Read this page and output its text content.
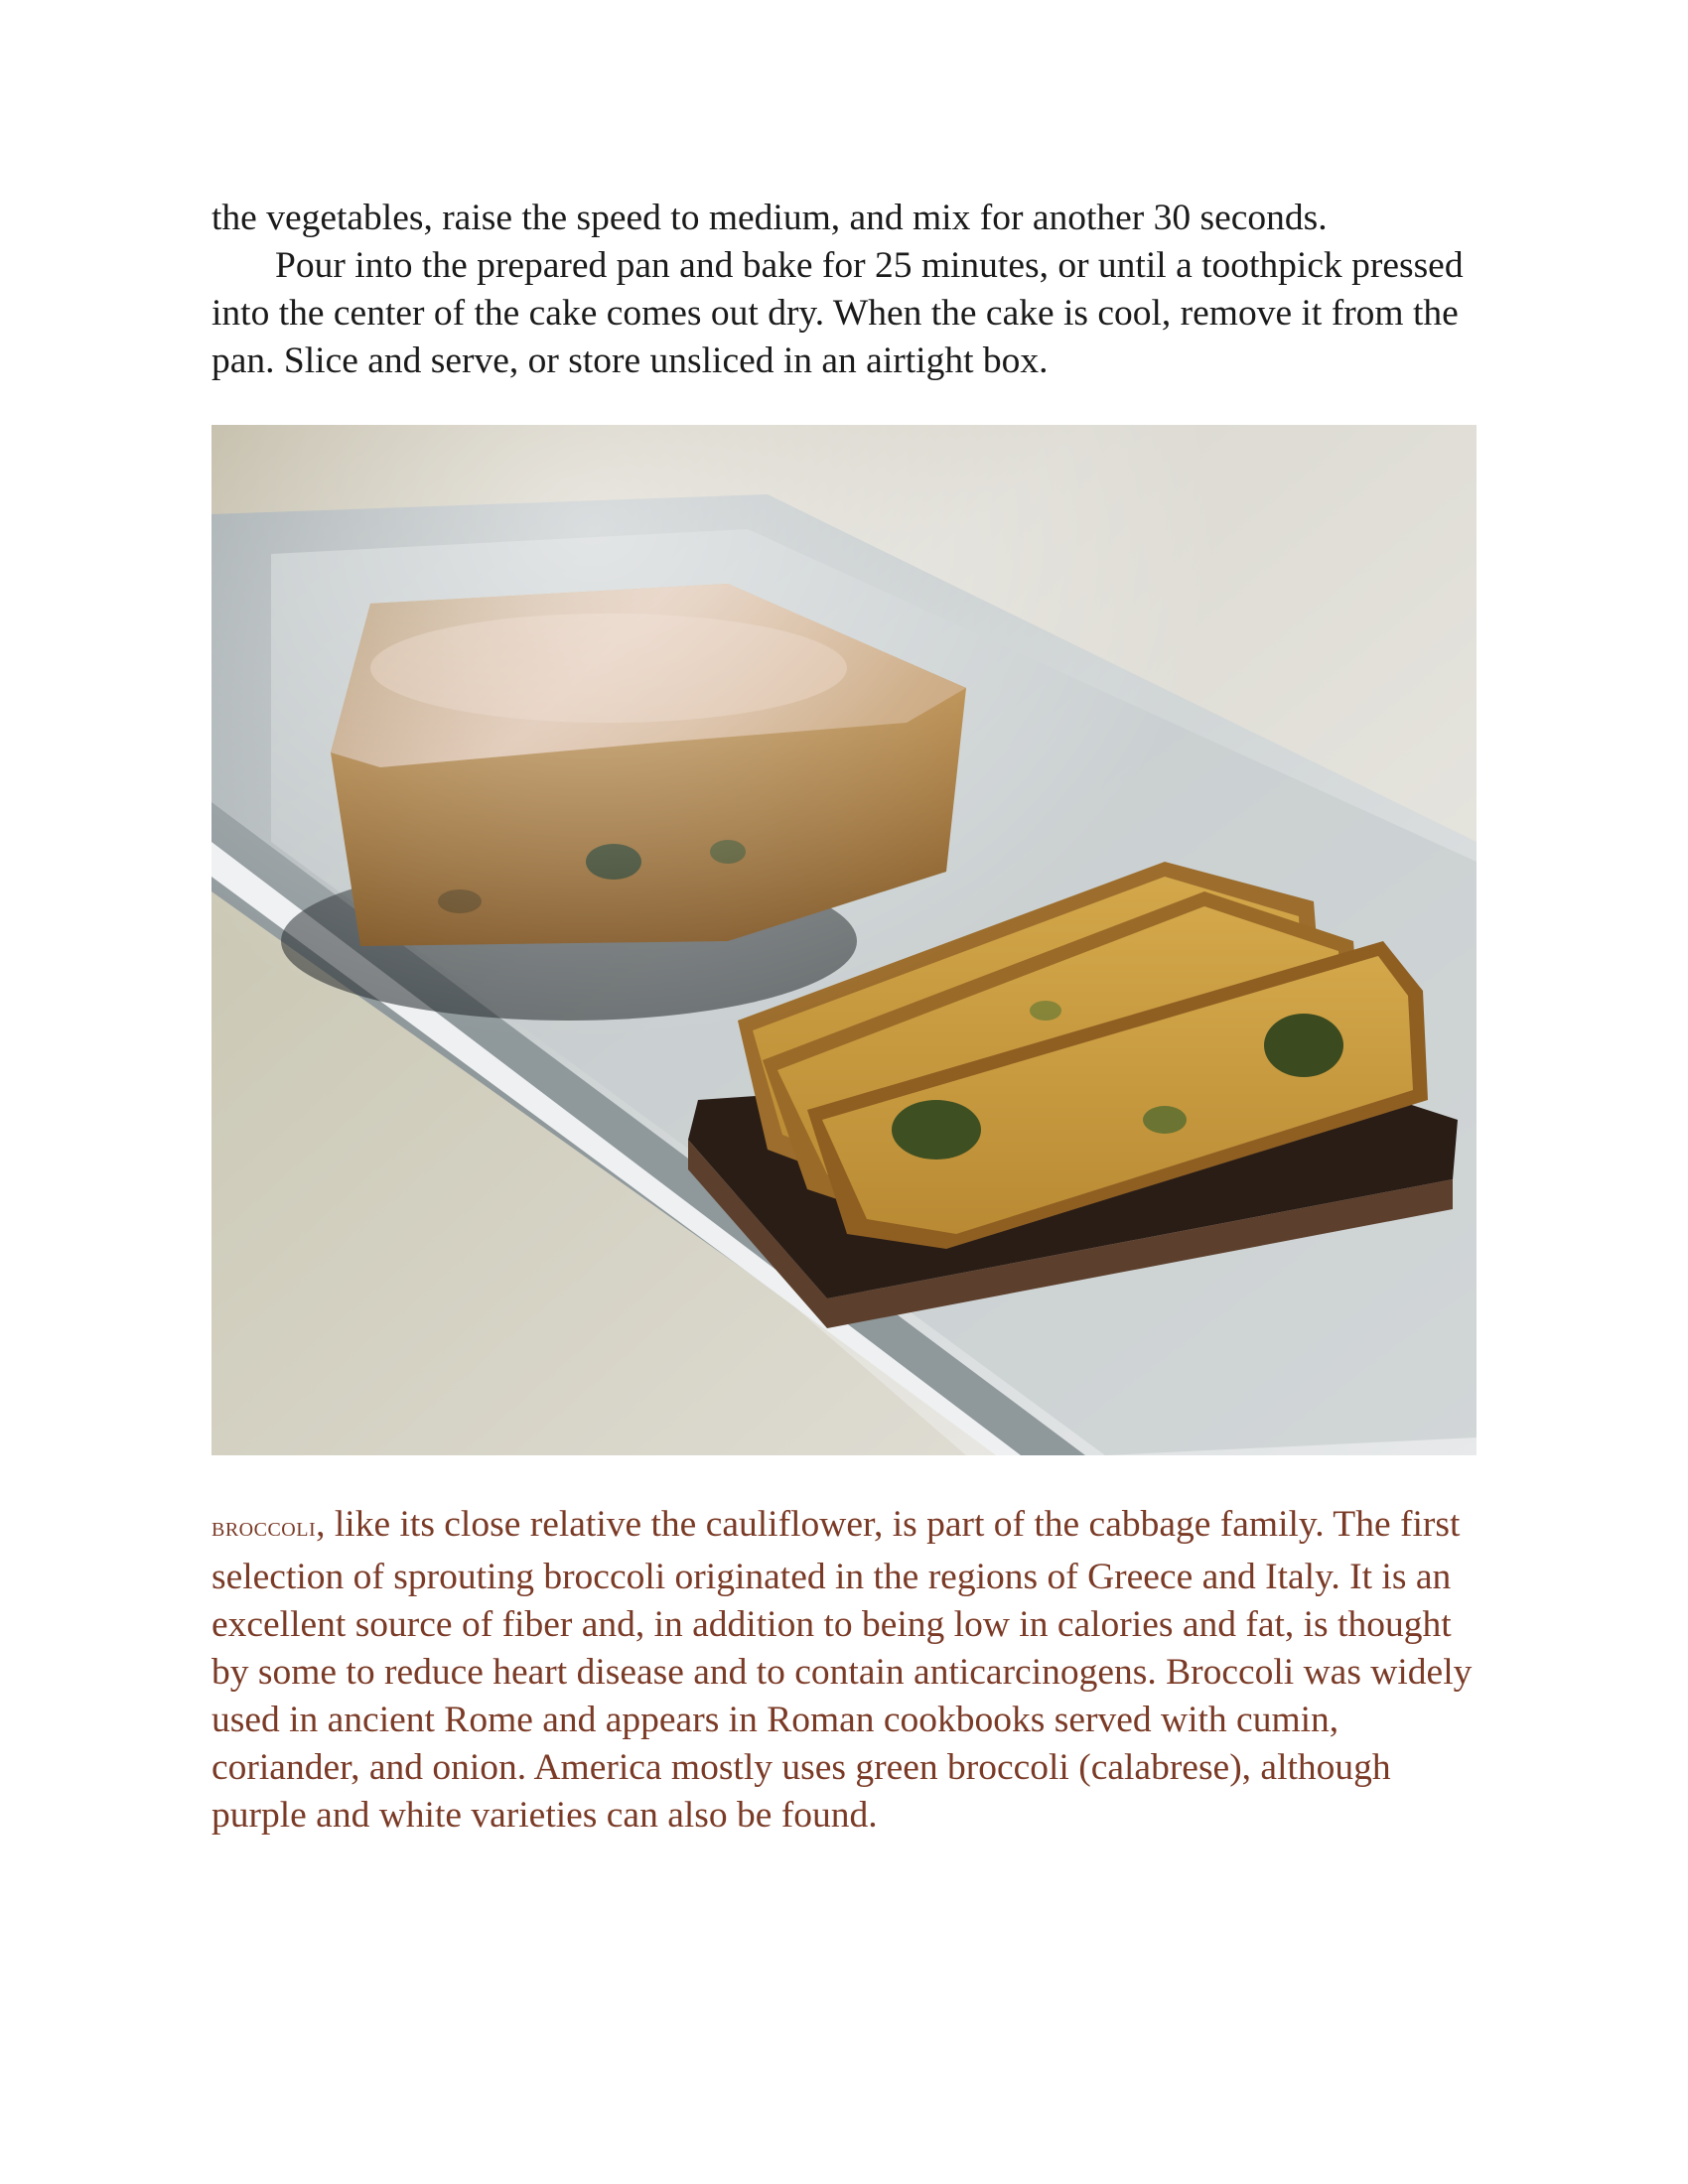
the vegetables, raise the speed to medium, and mix for another 30 seconds.

Pour into the prepared pan and bake for 25 minutes, or until a toothpick pressed into the center of the cake comes out dry. When the cake is cool, remove it from the pan. Slice and serve, or store unsliced in an airtight box.

BROCCOLI, like its close relative the cauliflower, is part of the cabbage family. The first selection of sprouting broccoli originated in the regions of Greece and Italy. It is an excellent source of fiber and, in addition to being low in calories and fat, is thought by some to reduce heart disease and to contain anticarcinogens. Broccoli was widely used in ancient Rome and appears in Roman cookbooks served with cumin, coriander, and onion. America mostly uses green broccoli (calabrese), although purple and white varieties can also be found.
